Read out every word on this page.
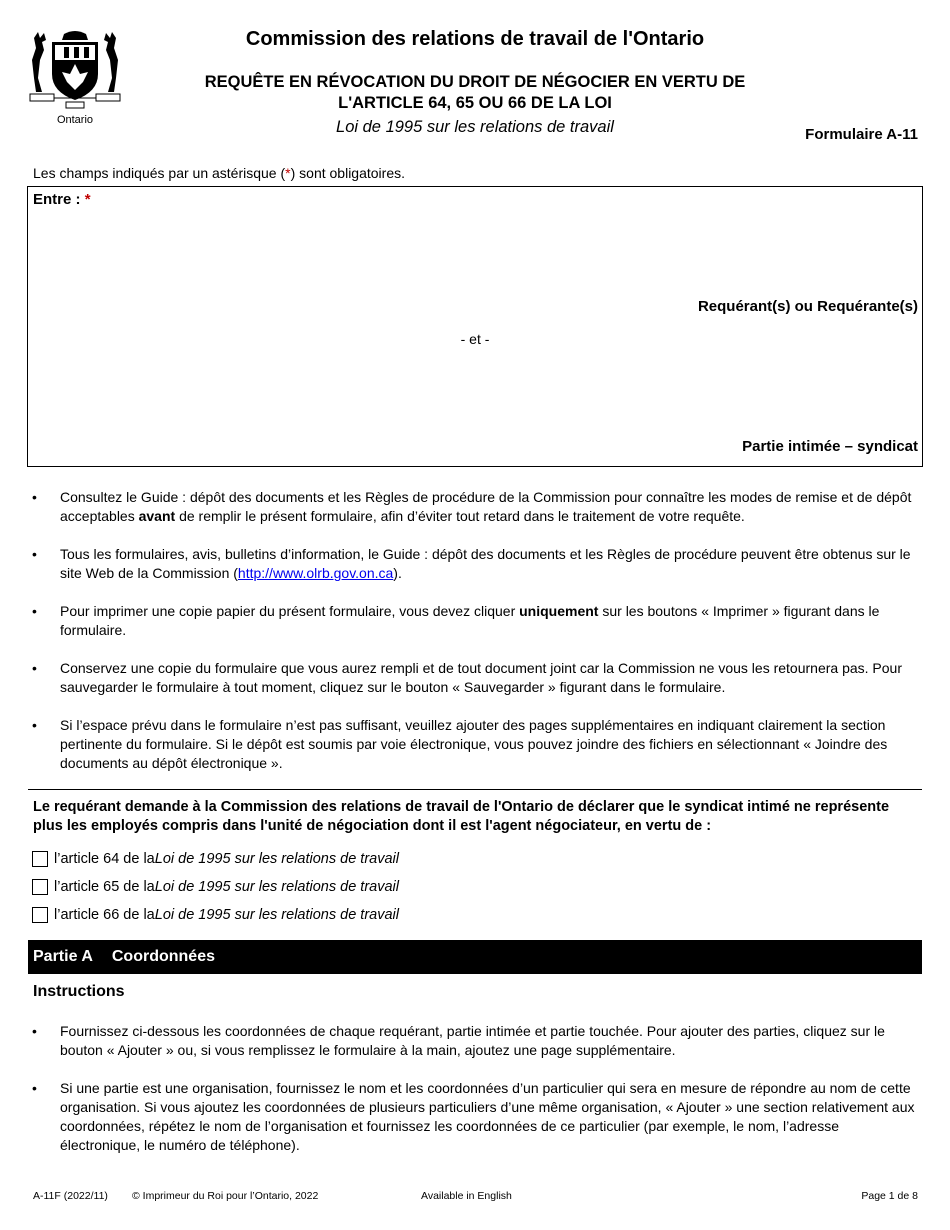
Ontario
Commission des relations de travail de l'Ontario
REQUÊTE EN RÉVOCATION DU DROIT DE NÉGOCIER EN VERTU DE
L'ARTICLE 64, 65 OU 66 DE LA LOI
Loi de 1995 sur les relations de travail	Formulaire A-11
Les champs indiqués par un astérisque (*) sont obligatoires.
Entre : *
Requérant(s) ou Requérante(s)
- et -
Partie intimée – syndicat
• Consultez le Guide : dépôt des documents et les Règles de procédure de la Commission pour connaître les modes de remise et de dépôt acceptables avant de remplir le présent formulaire, afin d’éviter tout retard dans le traitement de votre requête.
• Tous les formulaires, avis, bulletins d’information, le Guide : dépôt des documents et les Règles de procédure peuvent être obtenus sur le site Web de la Commission (http://www.olrb.gov.on.ca).
• Pour imprimer une copie papier du présent formulaire, vous devez cliquer uniquement sur les boutons « Imprimer » figurant dans le formulaire.
• Conservez une copie du formulaire que vous aurez rempli et de tout document joint car la Commission ne vous les retournera pas. Pour sauvegarder le formulaire à tout moment, cliquez sur le bouton « Sauvegarder » figurant dans le formulaire.
• Si l’espace prévu dans le formulaire n’est pas suffisant, veuillez ajouter des pages supplémentaires en indiquant clairement la section pertinente du formulaire. Si le dépôt est soumis par voie électronique, vous pouvez joindre des fichiers en sélectionnant « Joindre des documents au dépôt électronique ».
Le requérant demande à la Commission des relations de travail de l'Ontario de déclarer que le syndicat intimé ne représente plus les employés compris dans l'unité de négociation dont il est l'agent négociateur, en vertu de :
l’article 64 de la Loi de 1995 sur les relations de travail
l’article 65 de la Loi de 1995 sur les relations de travail
l’article 66 de la Loi de 1995 sur les relations de travail
Partie A Coordonnées
Instructions
• Fournissez ci-dessous les coordonnées de chaque requérant, partie intimée et partie touchée. Pour ajouter des parties, cliquez sur le bouton « Ajouter » ou, si vous remplissez le formulaire à la main, ajoutez une page supplémentaire.
• Si une partie est une organisation, fournissez le nom et les coordonnées d’un particulier qui sera en mesure de répondre au nom de cette organisation. Si vous ajoutez les coordonnées de plusieurs particuliers d’une même organisation, « Ajouter » une section relativement aux coordonnées, répétez le nom de l’organisation et fournissez les coordonnées de ce particulier (par exemple, le nom, l’adresse électronique, le numéro de téléphone).
A-11F (2022/11) © Imprimeur du Roi pour l’Ontario, 2022	Available in English	Page 1 de 8
